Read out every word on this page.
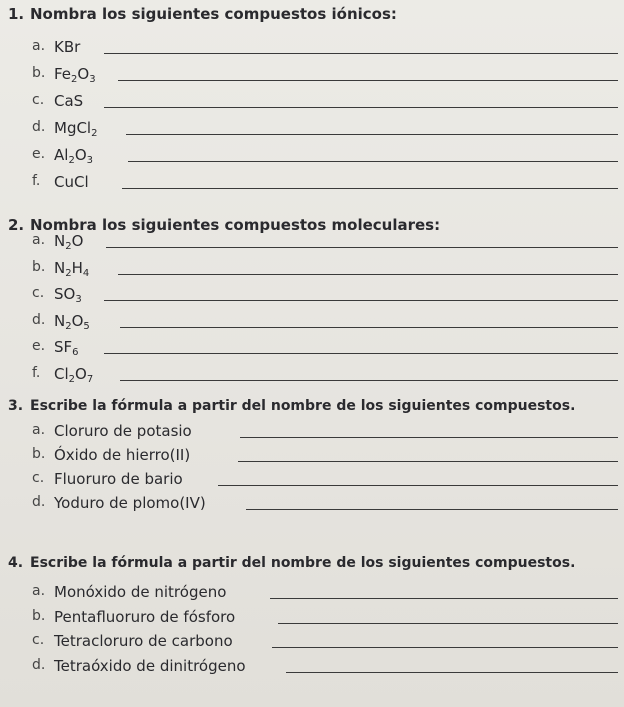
1. Nombra los siguientes compuestos iónicos:
a. KBr
b. $Fe_2O_3$
c. CaS
d. MgCl$_2$
e. $Al_2O_3$
f. CuCl
2. Nombra los siguientes compuestos moleculares:
a. $N_2O$
b. $N_2H_4$
c. $SO_3$
d. $N_2O_5$
e. $SF_6$
f. $Cl_2O_7$
3. Escribe la fórmula a partir del nombre de los siguientes compuestos.
a. Cloruro de potasio
b. Óxido de hierro(II)
c. Fluoruro de bario
d. Yoduro de plomo(IV)
4. Escribe la fórmula a partir del nombre de los siguientes compuestos.
a. Monóxido de nitrógeno
b. Pentafluoruro de fósforo
c. Tetracloruro de carbono
d. Tetraóxido de dinitrógeno
